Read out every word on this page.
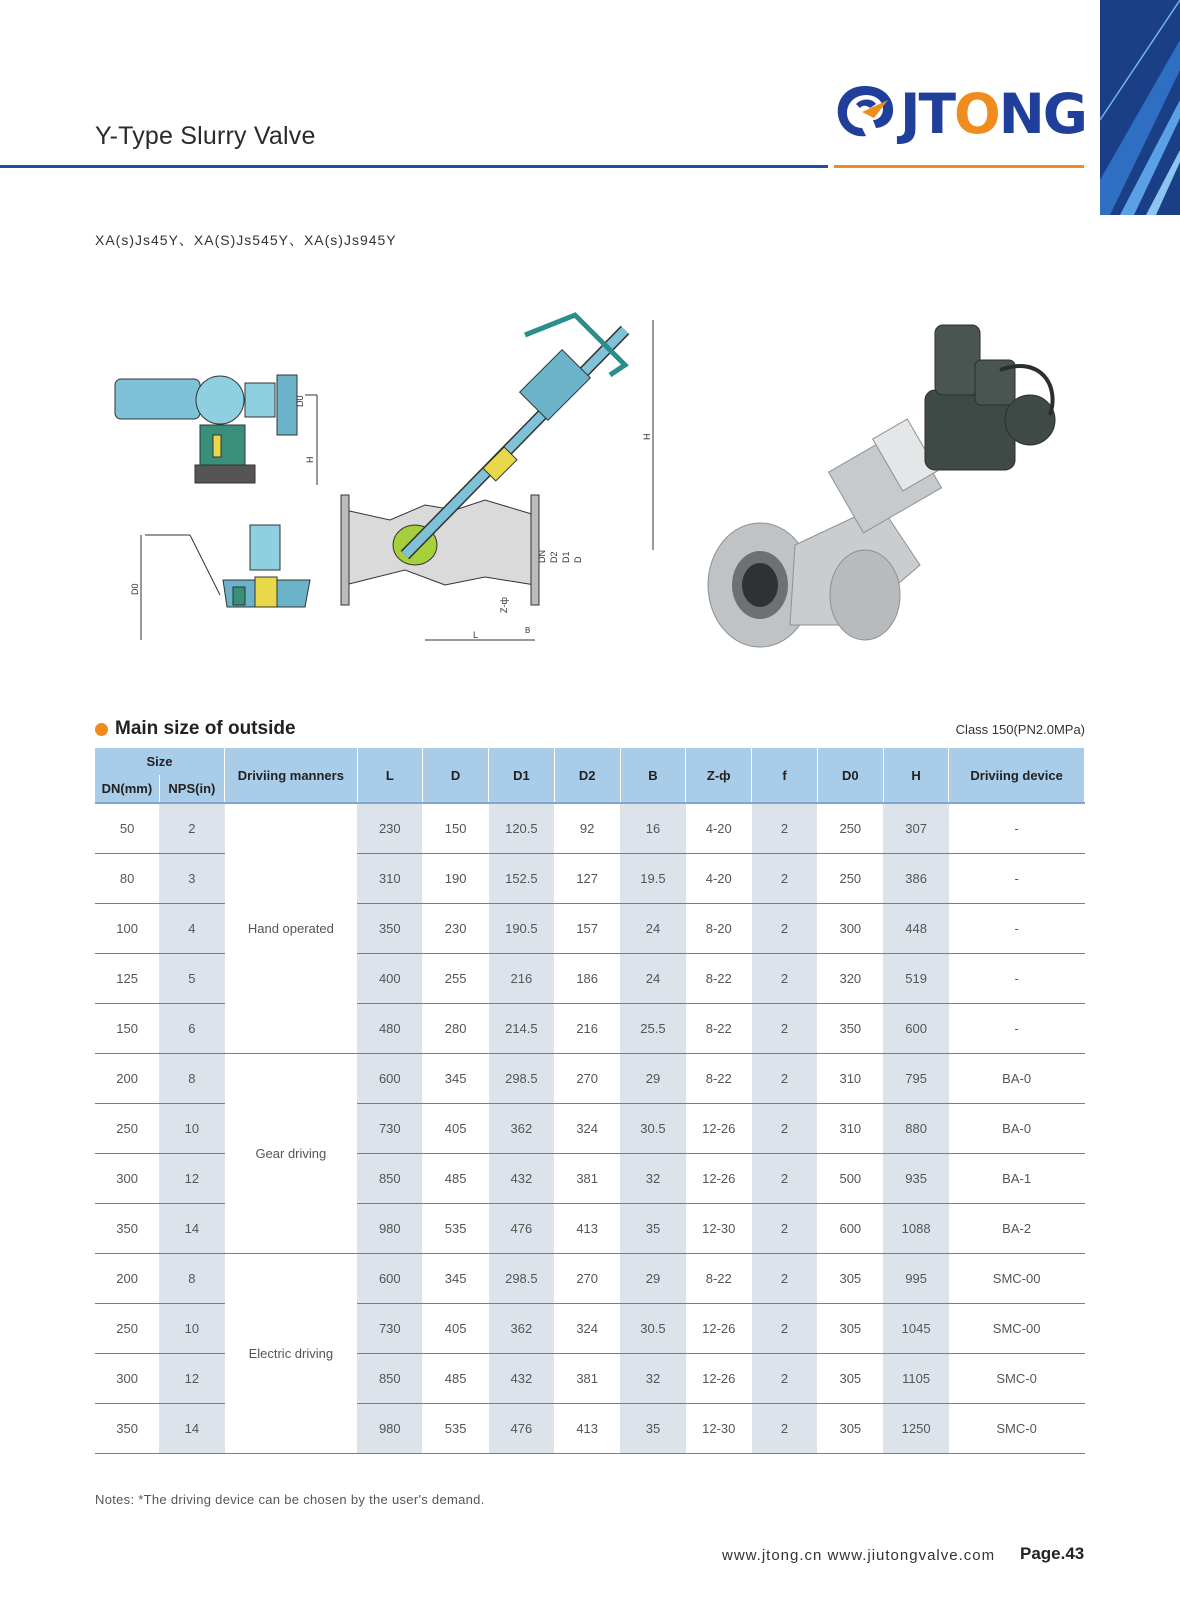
Y-Type Slurry Valve	JTONG
XA(s)Js45Y、XA(S)Js545Y、XA(s)Js945Y
D0
H
D0
L
DN D2 D1 D
Z-ф
B
H
Main size of outside	Class 150(PN2.0MPa)
Size		Driviing manners	L	D	D1	D2	B	Z-ф	f	D0	H	Driviing device
DN(mm)	NPS(in)											
50	2	Hand operated	230	150	120.5	92	16	4-20	2	250	307	-
80	3		310	190	152.5	127	19.5	4-20	2	250	386	-
100	4		350	230	190.5	157	24	8-20	2	300	448	-
125	5		400	255	216	186	24	8-22	2	320	519	-
150	6		480	280	214.5	216	25.5	8-22	2	350	600	-
200	8	Gear driving	600	345	298.5	270	29	8-22	2	310	795	BA-0
250	10		730	405	362	324	30.5	12-26	2	310	880	BA-0
300	12		850	485	432	381	32	12-26	2	500	935	BA-1
350	14		980	535	476	413	35	12-30	2	600	1088	BA-2
200	8	Electric driving	600	345	298.5	270	29	8-22	2	305	995	SMC-00
250	10		730	405	362	324	30.5	12-26	2	305	1045	SMC-00
300	12		850	485	432	381	32	12-26	2	305	1105	SMC-0
350	14		980	535	476	413	35	12-30	2	305	1250	SMC-0
Notes: *The driving device can be chosen by the user's demand.
www.jtong.cn www.jiutongvalve.com Page.43
